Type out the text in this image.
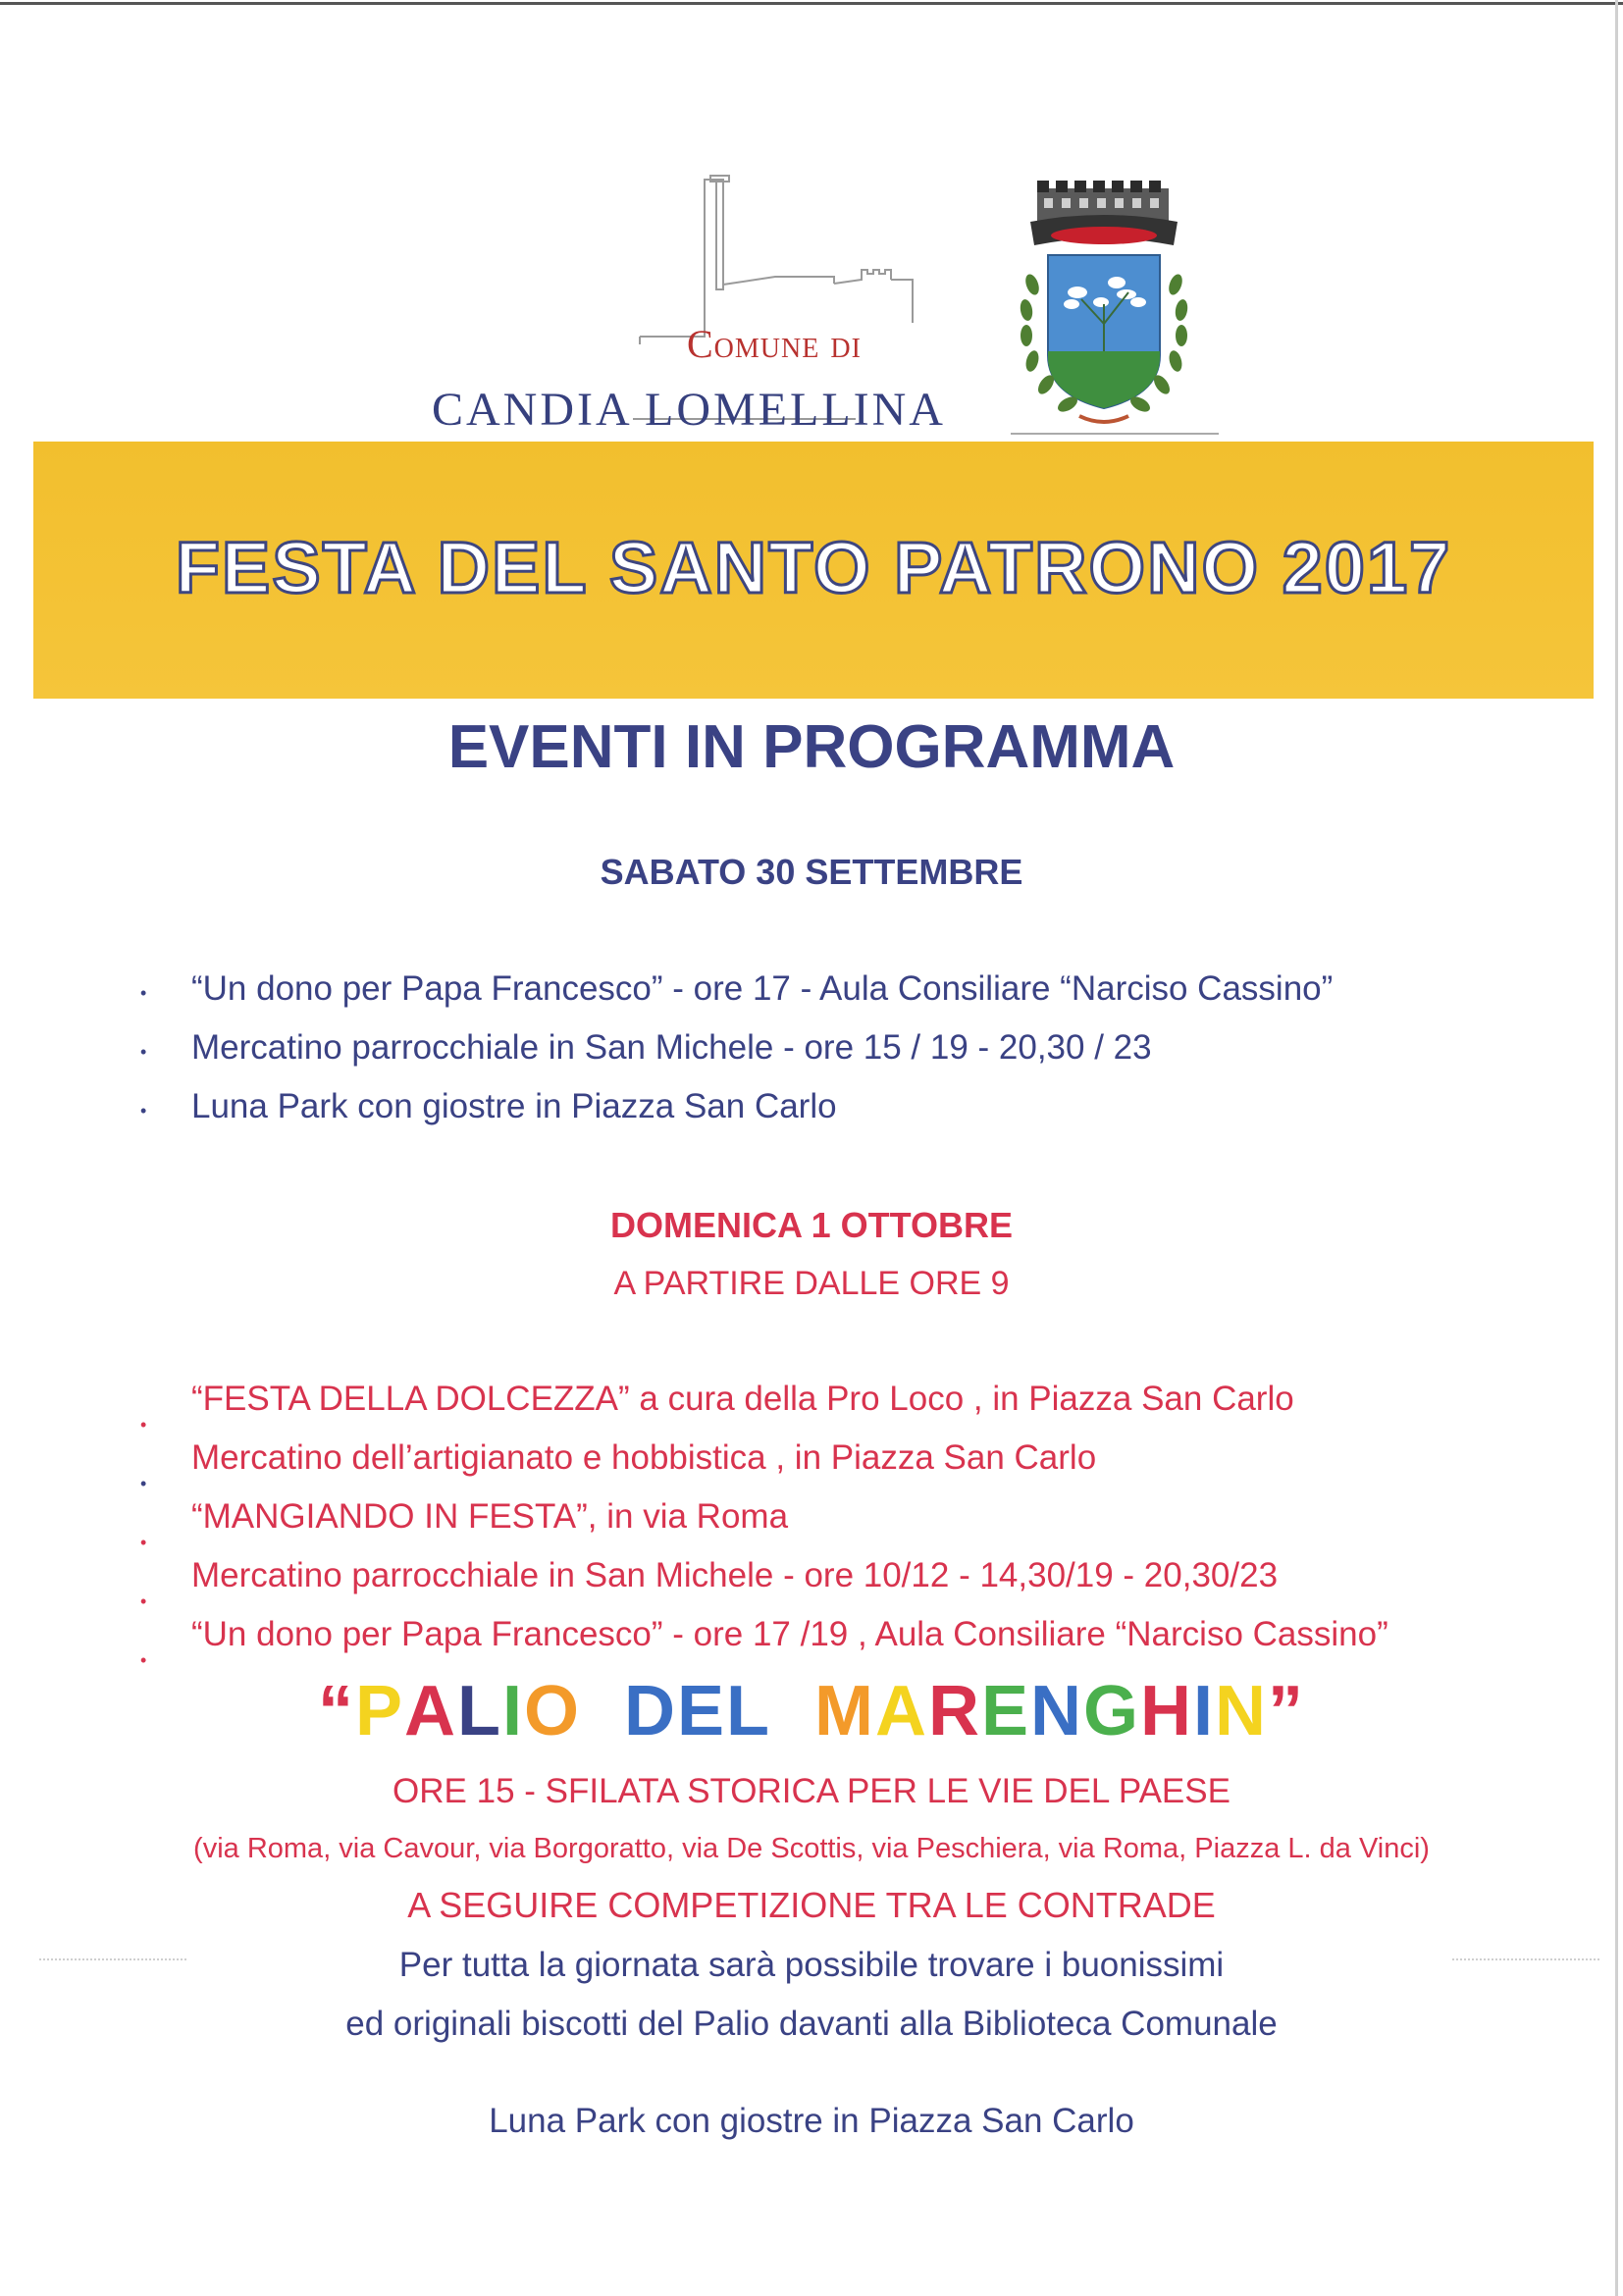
Comune di
CANDIA LOMELLINA
FESTA DEL SANTO PATRONO 2017
EVENTI IN PROGRAMMA
SABATO 30 SETTEMBRE
• “Un dono per Papa Francesco” - ore 17 - Aula Consiliare “Narciso Cassino”
• Mercatino parrocchiale in San Michele - ore 15 / 19 - 20,30 / 23
• Luna Park con giostre in Piazza San Carlo
DOMENICA 1 OTTOBRE
A PARTIRE DALLE ORE 9
•
“FESTA DELLA DOLCEZZA” a cura della Pro Loco , in Piazza San Carlo
•
Mercatino dell’artigianato e hobbistica , in Piazza San Carlo
•
“MANGIANDO IN FESTA”, in via Roma
•
Mercatino parrocchiale in San Michele - ore 10/12 - 14,30/19 - 20,30/23
•
“Un dono per Papa Francesco” - ore 17 /19 , Aula Consiliare “Narciso Cassino”
“PALIO DEL MARENGHIN”
ORE 15 - SFILATA STORICA PER LE VIE DEL PAESE
(via Roma, via Cavour, via Borgoratto, via De Scottis, via Peschiera, via Roma, Piazza L. da Vinci)
A SEGUIRE COMPETIZIONE TRA LE CONTRADE
Per tutta la giornata sarà possibile trovare i buonissimi
ed originali biscotti del Palio davanti alla Biblioteca Comunale
Luna Park con giostre in Piazza San Carlo
